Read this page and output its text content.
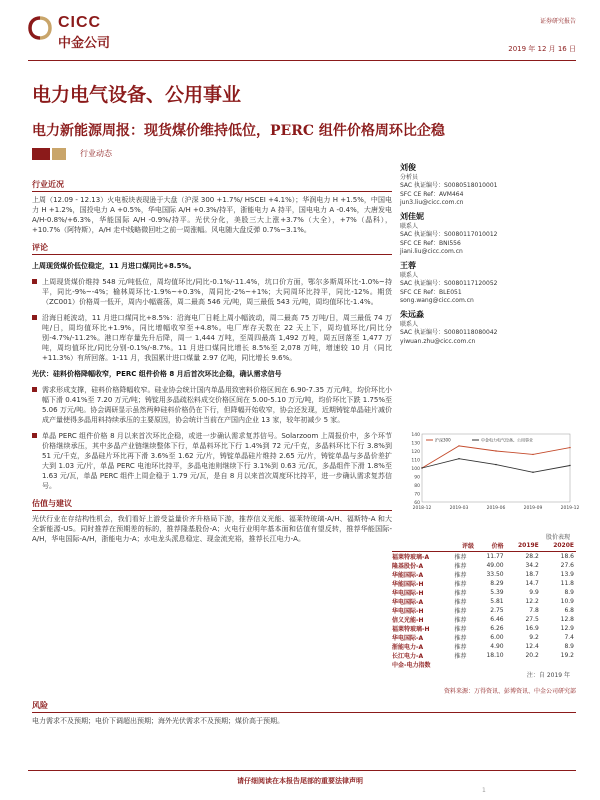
CICC
中金公司
证券研究报告
2019 年 12 月 16 日
电力电气设备、公用事业
电力新能源周报：现货煤价维持低位，PERC 组件价格周环比企稳
行业动态
行业近况
上周（12.09 - 12.13）火电板块表现逊于大盘（沪深 300 +1.7%/ HSCEI +4.1%）；华润电力 H +1.5%，中国电力 H +1.2%，国投电力 A +0.5%，华电国际 A/H +0.3%/持平，浙能电力 A 持平，国电电力 A -0.4%，大唐发电 A/H-0.8%/+6.3%，华能国际 A/H -0.9%/持平。光伏分化，美股三大上涨+3.7%（大全），+7%（晶科），+10.7%（阿特斯），A/H 走中线略微回吐之前一周涨幅。风电随大盘反弹 0.7%~3.1%。
评论
上周现货煤价低位稳定，11 月进口煤同比+8.5%。
上周现货煤价维持 548 元/吨低位，周均值环比/同比-0.1%/-11.4%，坑口价方面，鄂尔多斯周环比-1.0%~持平，同比-9%~-4%；榆林周环比-1.9%~+0.3%，周同比-2%~+1%；大同周环比持平，同比-12%。期货（ZC001）价格周一低开，周内小幅震荡，周二最高 546 元/吨，周三最低 543 元/吨，周均值环比-1.4%。
沿海日耗波动，11 月进口煤同比+8.5%：沿海电厂日耗上周小幅波动，周二最高 75 万吨/日，周三最低 74 万吨/日，周均值环比+1.9%，同比增幅收窄至+4.8%。电厂库存天数在 22 天上下，周均值环比/同比分别-4.7%/-11.2%。港口库存量先升后降，周一 1,444 万吨，至周四最高 1,492 万吨，周五回落至 1,477 万吨，周均值环比/同比分别-0.1%/-8.7%。11 月进口煤同比增长 8.5%至 2,078 万吨，增速较 10 月（同比+11.3%）有所回落。1-11 月，我国累计进口煤量 2.97 亿吨，同比增长 9.6%。
光伏：硅料价格降幅收窄，PERC 组件价格 8 月后首次环比企稳，确认需求信号
需求形成支撑，硅料价格降幅收窄。硅业协会统计国内单晶用致密料价格区间在 6.90-7.35 万元/吨，均价环比小幅下滑 0.41%至 7.20 万元/吨；铸锭用多晶疏松料成交价格区间在 5.00-5.10 万元/吨，均价环比下跌 1.75%至 5.06 万元/吨。协会调研显示虽然两种硅料价格仍在下行，但降幅开始收窄，协会还发现，近期铸锭单晶硅片减价成产量使得多晶用料持续承压的主要原因，协会统计当前在产国内企业 13 家，较年初减少 5 家。
单晶 PERC 组件价格 8 月以来首次环比企稳，或进一步确认需求复苏信号。Solarzoom 上周报价中，多个环节价格继续承压，其中多晶产业链继续整体下行，单晶料环比下行 1.4%到 72 元/千克，多晶料环比下行 3.8%到 51 元/千克，多晶硅片环比再下滑 3.6%至 1.62 元/片，铸锭单晶硅片维持 2.65 元/片，铸锭单晶与多晶价差扩大到 1.03 元/片，单晶 PERC 电池环比持平，多晶电池则继续下行 3.1%到 0.63 元/瓦，多晶组件下滑 1.8%至 1.63 元/瓦，单晶 PERC 组件上周企稳于 1.79 元/瓦，是自 8 月以来首次周度环比持平，进一步确认需求复苏信号。
估值与建议
光伏行业在存结构性机会，我们看好上游受益量价齐升格局下游，推荐信义光能、福莱特玻璃-A/H、福斯特-A 和大全新能源-US。同时推荐在预期差的标的，推荐隆基股份-A；火电行业明年基本面和估值有望反转，推荐华能国际-A/H，华电国际-A/H，浙能电力-A；水电龙头派息稳定、现金流充裕，推荐长江电力-A。
刘俊
分析员
SAC 执证编号：S0080518010001
SFC CE Ref：AVM464
jun3.liu@cicc.com.cn
刘佳妮
联系人
SAC 执证编号：S0080117010012
SFC CE Ref：BNI556
jiani.liu@cicc.com.cn
王蓉
联系人
SAC 执证编号：S0080117120052
SFC CE Ref：BLE051
song.wang@cicc.com.cn
朱远淼
联系人
SAC 执证编号：S0080118080042
yiwuan.zhu@cicc.com.cn
140
130
120
110
100
90
80
70
60
2018-12	2019-03	2019-06	2019-09	2019-12
沪深300	中金电力电气设备、公用事业
股价表现
	评级	价格	2019E	2020E
福莱特玻璃-A	推荐	11.77	28.2	18.6
隆基股份-A	推荐	49.00	34.2	27.6
华能国际-A	推荐	33.50	18.7	13.9
华能国际-H	推荐	8.29	14.7	11.8
华电国际-H	推荐	5.39	9.9	8.9
华电国际-A	推荐	5.81	12.2	10.9
华电国际-H	推荐	2.75	7.8	6.8
信义光能-H	推荐	6.46	27.5	12.8
福莱特玻璃-H	推荐	6.26	16.9	12.9
华电国际-A	推荐	6.00	9.2	7.4
浙能电力-A	推荐	4.90	12.4	8.9
长江电力-A	推荐	18.10	20.2	19.2
中金-电力指数				
注：自 2019 年
资料来源：万得资讯、彭博资讯、中金公司研究部
风险
电力需求不及预期；电价下调超出预期；海外光伏需求不及预期；煤价高于预期。
请仔细阅读在本报告尾部的重要法律声明
1
